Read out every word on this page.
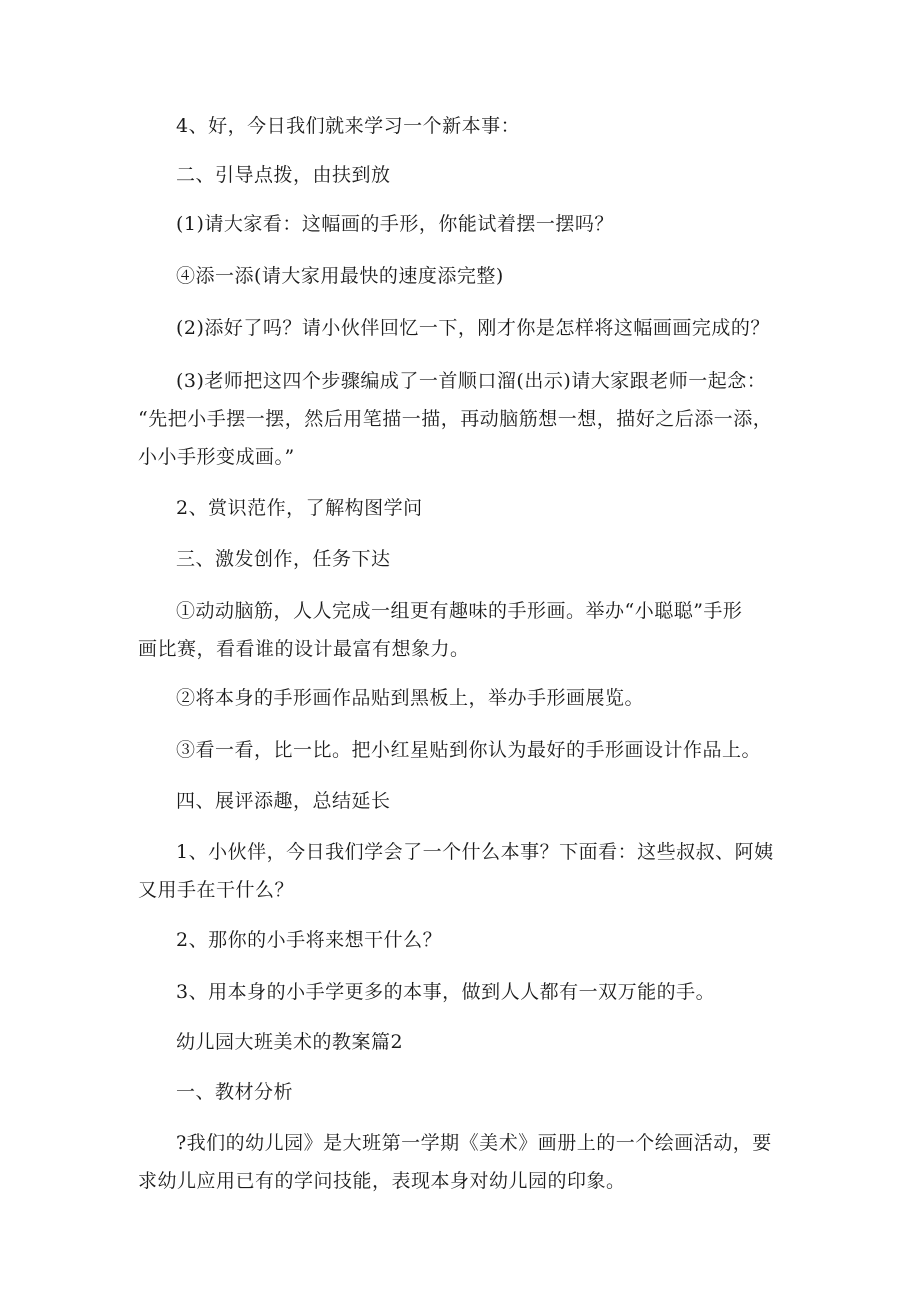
4、好，今日我们就来学习一个新本事：
二、引导点拨，由扶到放
(1)请大家看：这幅画的手形，你能试着摆一摆吗？
④添一添(请大家用最快的速度添完整)
(2)添好了吗？请小伙伴回忆一下，刚才你是怎样将这幅画画完成的？
(3)老师把这四个步骤编成了一首顺口溜(出示)请大家跟老师一起念：
“先把小手摆一摆，然后用笔描一描，再动脑筋想一想，描好之后添一添，
小小手形变成画。”
2、赏识范作，了解构图学问
三、激发创作，任务下达
①动动脑筋，人人完成一组更有趣味的手形画。举办“小聪聪”手形
画比赛，看看谁的设计最富有想象力。
②将本身的手形画作品贴到黑板上，举办手形画展览。
③看一看，比一比。把小红星贴到你认为最好的手形画设计作品上。
四、展评添趣，总结延长
1、小伙伴，今日我们学会了一个什么本事？下面看：这些叔叔、阿姨
又用手在干什么？
2、那你的小手将来想干什么？
3、用本身的小手学更多的本事，做到人人都有一双万能的手。
幼儿园大班美术的教案篇2
一、教材分析
?我们的幼儿园》是大班第一学期《美术》画册上的一个绘画活动，要
求幼儿应用已有的学问技能，表现本身对幼儿园的印象。
